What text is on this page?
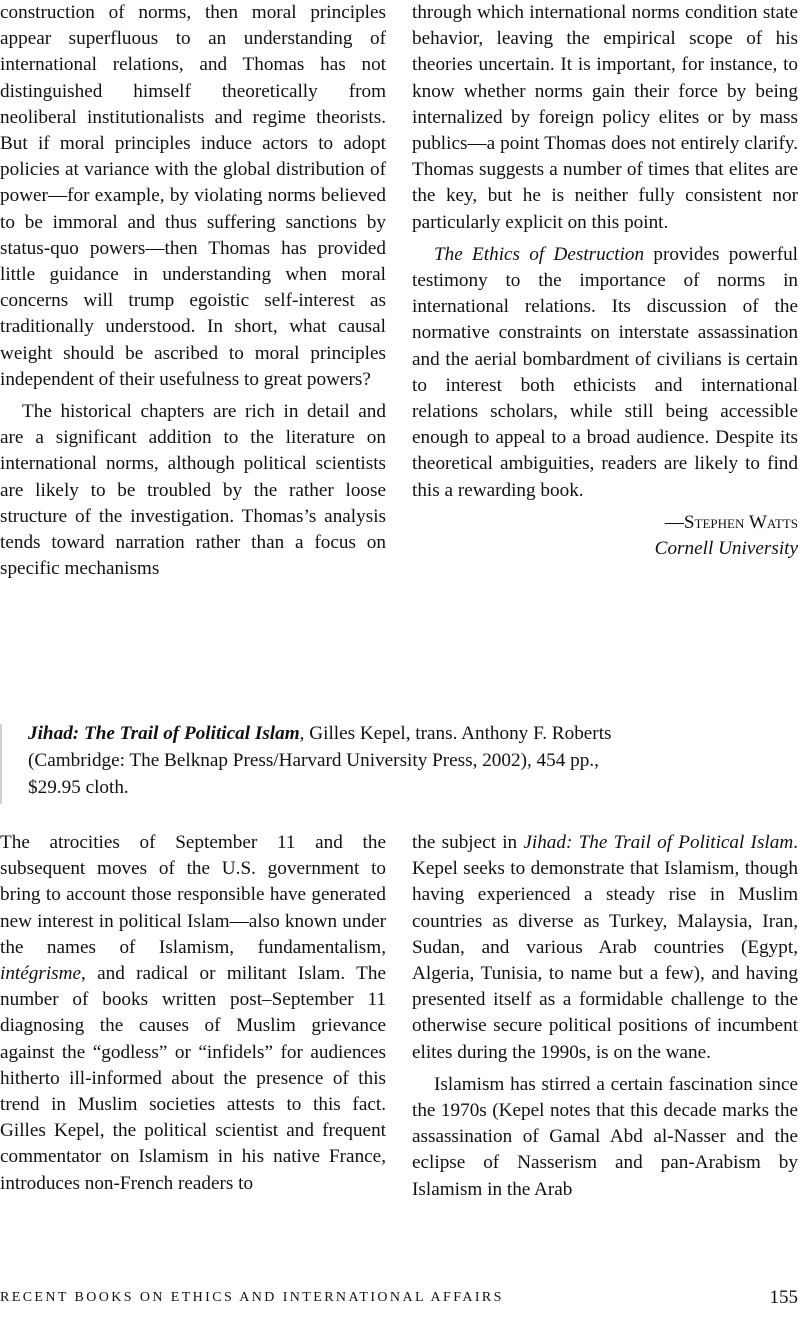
construction of norms, then moral principles appear superfluous to an understanding of international relations, and Thomas has not distinguished himself theoretically from neoliberal institutionalists and regime theorists. But if moral principles induce actors to adopt policies at variance with the global distribution of power—for example, by violating norms believed to be immoral and thus suffering sanctions by status-quo powers—then Thomas has provided little guidance in understanding when moral concerns will trump egoistic self-interest as traditionally understood. In short, what causal weight should be ascribed to moral principles independent of their usefulness to great powers?

The historical chapters are rich in detail and are a significant addition to the literature on international norms, although political scientists are likely to be troubled by the rather loose structure of the investigation. Thomas’s analysis tends toward narration rather than a focus on specific mechanisms

through which international norms condition state behavior, leaving the empirical scope of his theories uncertain. It is important, for instance, to know whether norms gain their force by being internalized by foreign policy elites or by mass publics—a point Thomas does not entirely clarify. Thomas suggests a number of times that elites are the key, but he is neither fully consistent nor particularly explicit on this point.

The Ethics of Destruction provides powerful testimony to the importance of norms in international relations. Its discussion of the normative constraints on interstate assassination and the aerial bombardment of civilians is certain to interest both ethicists and international relations scholars, while still being accessible enough to appeal to a broad audience. Despite its theoretical ambiguities, readers are likely to find this a rewarding book.

—Stephen Watts
Cornell University
Jihad: The Trail of Political Islam, Gilles Kepel, trans. Anthony F. Roberts
(Cambridge: The Belknap Press/Harvard University Press, 2002), 454 pp.,
$29.95 cloth.

The atrocities of September 11 and the subsequent moves of the U.S. government to bring to account those responsible have generated new interest in political Islam—also known under the names of Islamism, fundamentalism, intégrisme, and radical or militant Islam. The number of books written post–September 11 diagnosing the causes of Muslim grievance against the “godless” or “infidels” for audiences hitherto ill-informed about the presence of this trend in Muslim societies attests to this fact. Gilles Kepel, the political scientist and frequent commentator on Islamism in his native France, introduces non-French readers to

the subject in Jihad: The Trail of Political Islam. Kepel seeks to demonstrate that Islamism, though having experienced a steady rise in Muslim countries as diverse as Turkey, Malaysia, Iran, Sudan, and various Arab countries (Egypt, Algeria, Tunisia, to name but a few), and having presented itself as a formidable challenge to the otherwise secure political positions of incumbent elites during the 1990s, is on the wane.

Islamism has stirred a certain fascination since the 1970s (Kepel notes that this decade marks the assassination of Gamal Abd al-Nasser and the eclipse of Nasserism and pan-Arabism by Islamism in the Arab

RECENT BOOKS ON ETHICS AND INTERNATIONAL AFFAIRS	155
